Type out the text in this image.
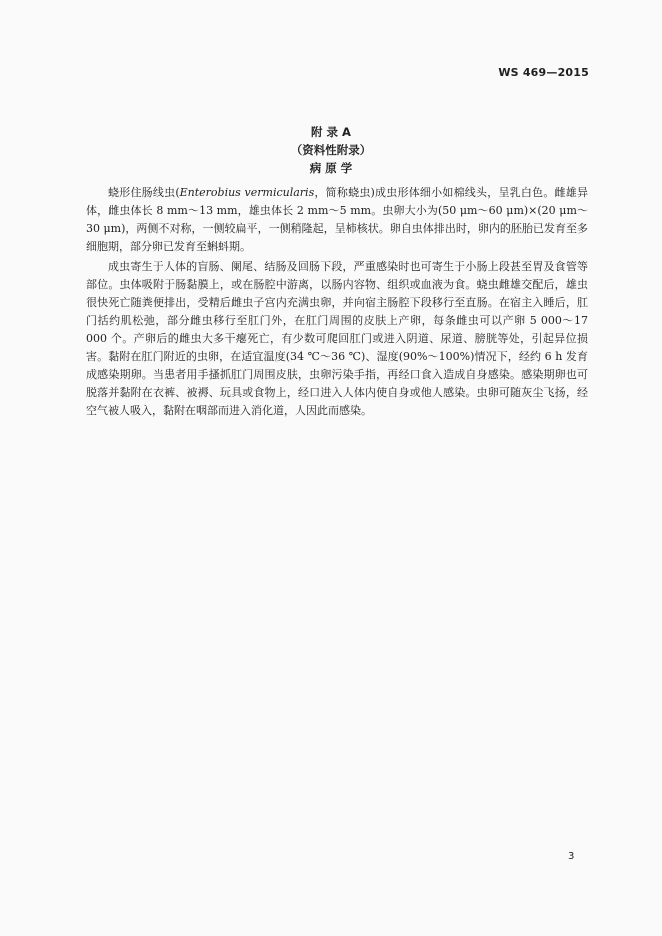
WS 469—2015
附 录 A
（资料性附录）
病 原 学

蛲形住肠线虫(Enterobius vermicularis，简称蛲虫)成虫形体细小如棉线头，呈乳白色。雌雄异体，雌虫体长 8 mm～13 mm，雄虫体长 2 mm～5 mm。虫卵大小为(50 μm～60 μm)×(20 μm～30 μm)，两侧不对称，一侧较扁平，一侧稍隆起，呈柿核状。卵自虫体排出时，卵内的胚胎已发育至多细胞期，部分卵已发育至蝌蚪期。

成虫寄生于人体的盲肠、阑尾、结肠及回肠下段，严重感染时也可寄生于小肠上段甚至胃及食管等部位。虫体吸附于肠黏膜上，或在肠腔中游离，以肠内容物、组织或血液为食。蛲虫雌雄交配后，雄虫很快死亡随粪便排出，受精后雌虫子宫内充满虫卵，并向宿主肠腔下段移行至直肠。在宿主入睡后，肛门括约肌松弛，部分雌虫移行至肛门外，在肛门周围的皮肤上产卵，每条雌虫可以产卵 5 000～17 000 个。产卵后的雌虫大多干瘪死亡，有少数可爬回肛门或进入阴道、尿道、膀胱等处，引起异位损害。黏附在肛门附近的虫卵，在适宜温度(34 ℃～36 ℃)、湿度(90%～100%)情况下，经约 6 h 发育成感染期卵。当患者用手搔抓肛门周围皮肤，虫卵污染手指，再经口食入造成自身感染。感染期卵也可脱落并黏附在衣裤、被褥、玩具或食物上，经口进入人体内使自身或他人感染。虫卵可随灰尘飞扬，经空气被人吸入，黏附在咽部而进入消化道，人因此而感染。

3
